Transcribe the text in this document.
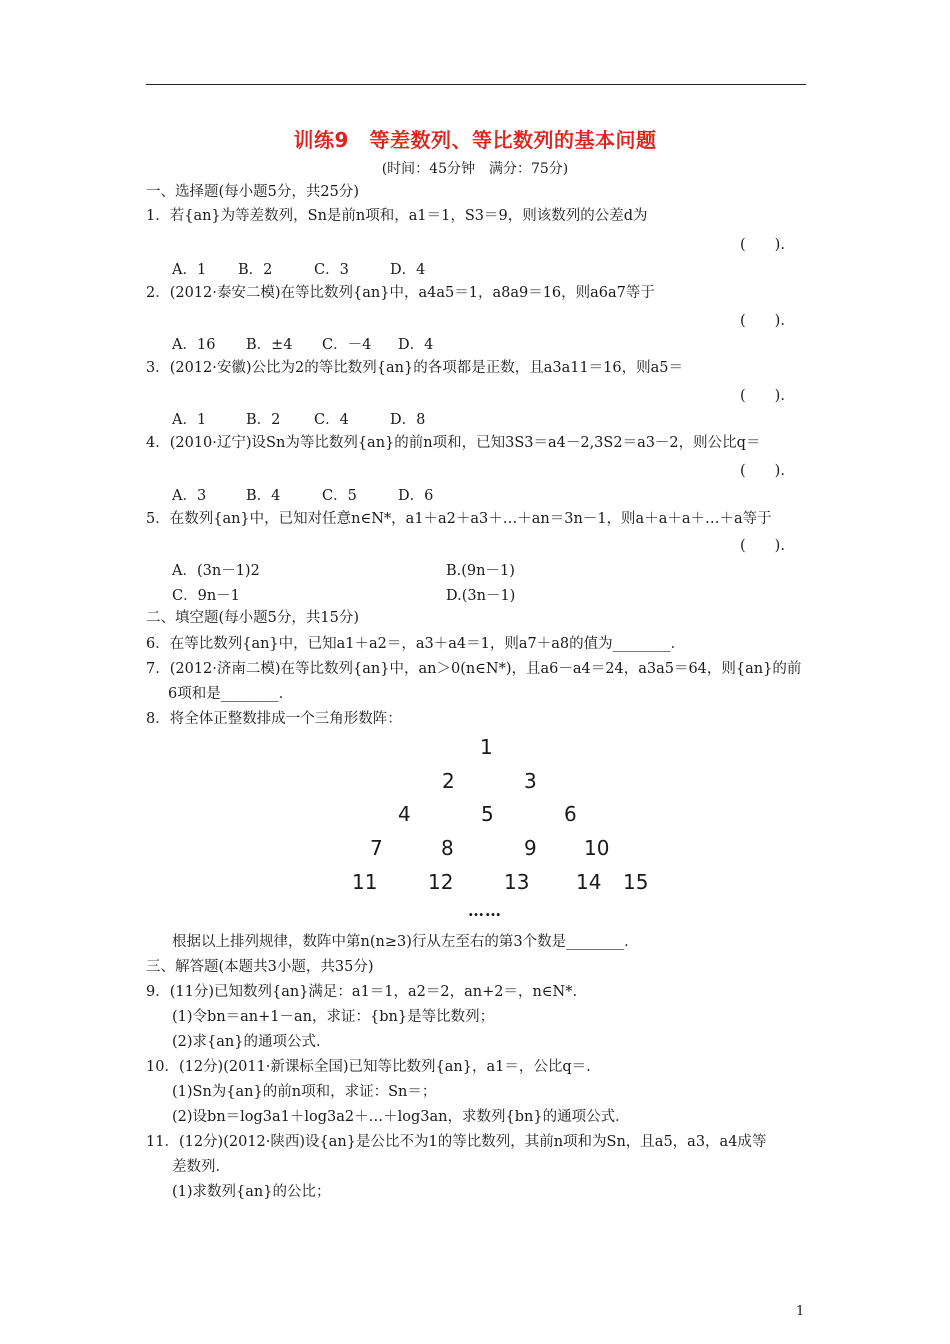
训练9　等差数列、等比数列的基本问题
(时间：45分钟　满分：75分)
一、选择题(每小题5分，共25分)
1．若{an}为等差数列，Sn是前n项和，a1＝1，S3＝9，则该数列的公差d为
(　　).
A．1 B．2	C．3	D．4
2．(2012·泰安二模)在等比数列{an}中，a4a5＝1，a8a9＝16，则a6a7等于
(　　).
A．16 B．±4 C．－4 D．4
3．(2012·安徽)公比为2的等比数列{an}的各项都是正数，且a3a11＝16，则a5＝
(　　).
A．1	B．2 C．4	D．8
4．(2010·辽宁)设Sn为等比数列{an}的前n项和，已知3S3＝a4－2,3S2＝a3－2，则公比q＝
(　　).
A．3	B．4	C．5	D．6
5．在数列{an}中，已知对任意n∈N*，a1＋a2＋a3＋…＋an＝3n－1，则a＋a＋a＋…＋a等于
(　　).
A．(3n－1)2	B.(9n－1)
C．9n－1	D.(3n－1)
二、填空题(每小题5分，共15分)
6．在等比数列{an}中，已知a1＋a2＝，a3＋a4＝1，则a7＋a8的值为________．
7．(2012·济南二模)在等比数列{an}中，an＞0(n∈N*)，且a6－a4＝24，a3a5＝64，则{an}的前
6项和是________．
8．将全体正整数排成一个三角形数阵：
1
2	3
4	5	6
7	8	9 10
11	12	13 14 15
……
根据以上排列规律，数阵中第n(n≥3)行从左至右的第3个数是________．
三、解答题(本题共3小题，共35分)
9．(11分)已知数列{an}满足：a1＝1，a2＝2，an+2＝，n∈N*.
(1)令bn＝an+1－an，求证：{bn}是等比数列；
(2)求{an}的通项公式．
10．(12分)(2011·新课标全国)已知等比数列{an}，a1＝，公比q＝.
(1)Sn为{an}的前n项和，求证：Sn＝；
(2)设bn＝log3a1＋log3a2＋…＋log3an，求数列{bn}的通项公式．
11．(12分)(2012·陕西)设{an}是公比不为1的等比数列，其前n项和为Sn，且a5，a3，a4成等
差数列．
(1)求数列{an}的公比；
1
